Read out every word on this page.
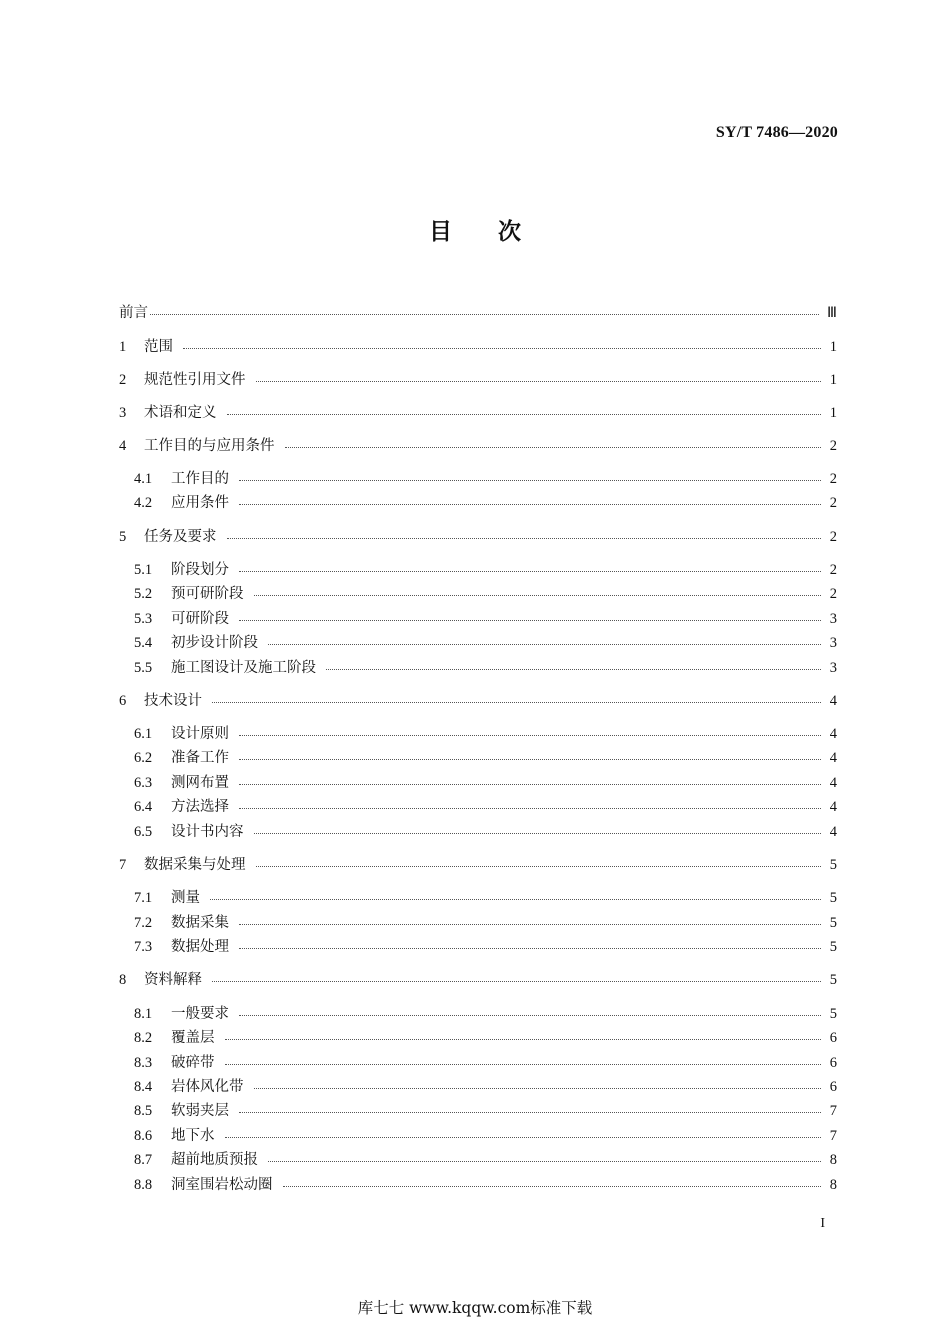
SY/T 7486—2020
目次
前言	Ⅲ
1	范围	1
2	规范性引用文件	1
3	术语和定义	1
4	工作目的与应用条件	2
4.1	工作目的	2
4.2	应用条件	2
5	任务及要求	2
5.1	阶段划分	2
5.2	预可研阶段	2
5.3	可研阶段	3
5.4	初步设计阶段	3
5.5	施工图设计及施工阶段	3
6	技术设计	4
6.1	设计原则	4
6.2	准备工作	4
6.3	测网布置	4
6.4	方法选择	4
6.5	设计书内容	4
7	数据采集与处理	5
7.1	测量	5
7.2	数据采集	5
7.3	数据处理	5
8	资料解释	5
8.1	一般要求	5
8.2	覆盖层	6
8.3	破碎带	6
8.4	岩体风化带	6
8.5	软弱夹层	7
8.6	地下水	7
8.7	超前地质预报	8
8.8	洞室围岩松动圈	8
I
库七七 www.kqqw.com标准下载
